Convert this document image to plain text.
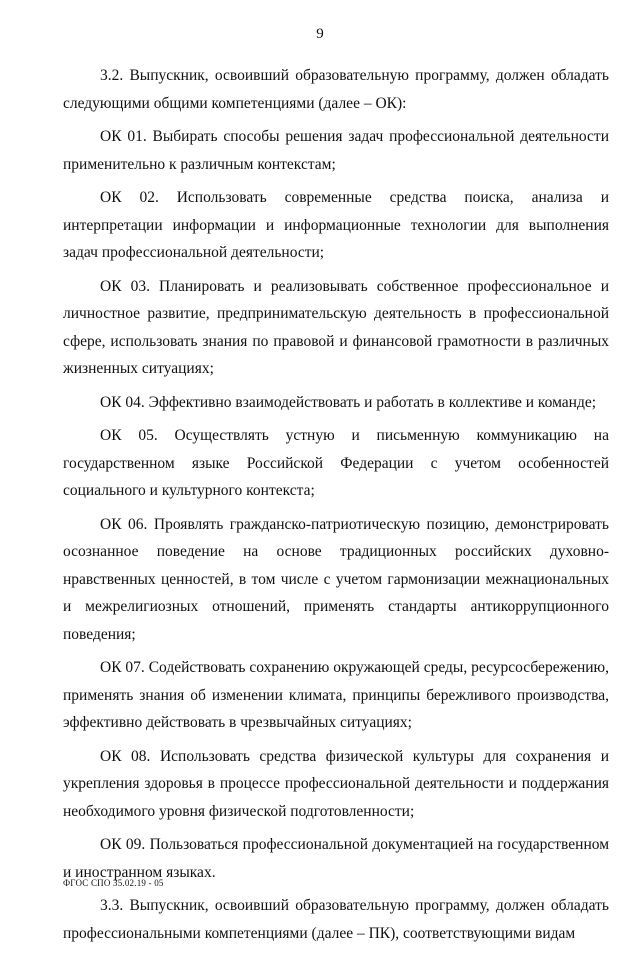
9

3.2. Выпускник, освоивший образовательную программу, должен обладать следующими общими компетенциями (далее – ОК):

ОК 01. Выбирать способы решения задач профессиональной деятельности применительно к различным контекстам;

ОК 02. Использовать современные средства поиска, анализа и интерпретации информации и информационные технологии для выполнения задач профессиональной деятельности;

ОК 03. Планировать и реализовывать собственное профессиональное и личностное развитие, предпринимательскую деятельность в профессиональной сфере, использовать знания по правовой и финансовой грамотности в различных жизненных ситуациях;

ОК 04. Эффективно взаимодействовать и работать в коллективе и команде;

ОК 05. Осуществлять устную и письменную коммуникацию на государственном языке Российской Федерации с учетом особенностей социального и культурного контекста;

ОК 06. Проявлять гражданско-патриотическую позицию, демонстрировать осознанное поведение на основе традиционных российских духовно-нравственных ценностей, в том числе с учетом гармонизации межнациональных и межрелигиозных отношений, применять стандарты антикоррупционного поведения;

ОК 07. Содействовать сохранению окружающей среды, ресурсосбережению, применять знания об изменении климата, принципы бережливого производства, эффективно действовать в чрезвычайных ситуациях;

ОК 08. Использовать средства физической культуры для сохранения и укрепления здоровья в процессе профессиональной деятельности и поддержания необходимого уровня физической подготовленности;

ОК 09. Пользоваться профессиональной документацией на государственном и иностранном языках.

3.3. Выпускник, освоивший образовательную программу, должен обладать профессиональными компетенциями (далее – ПК), соответствующими видам

ФГОС СПО 35.02.19 - 05
